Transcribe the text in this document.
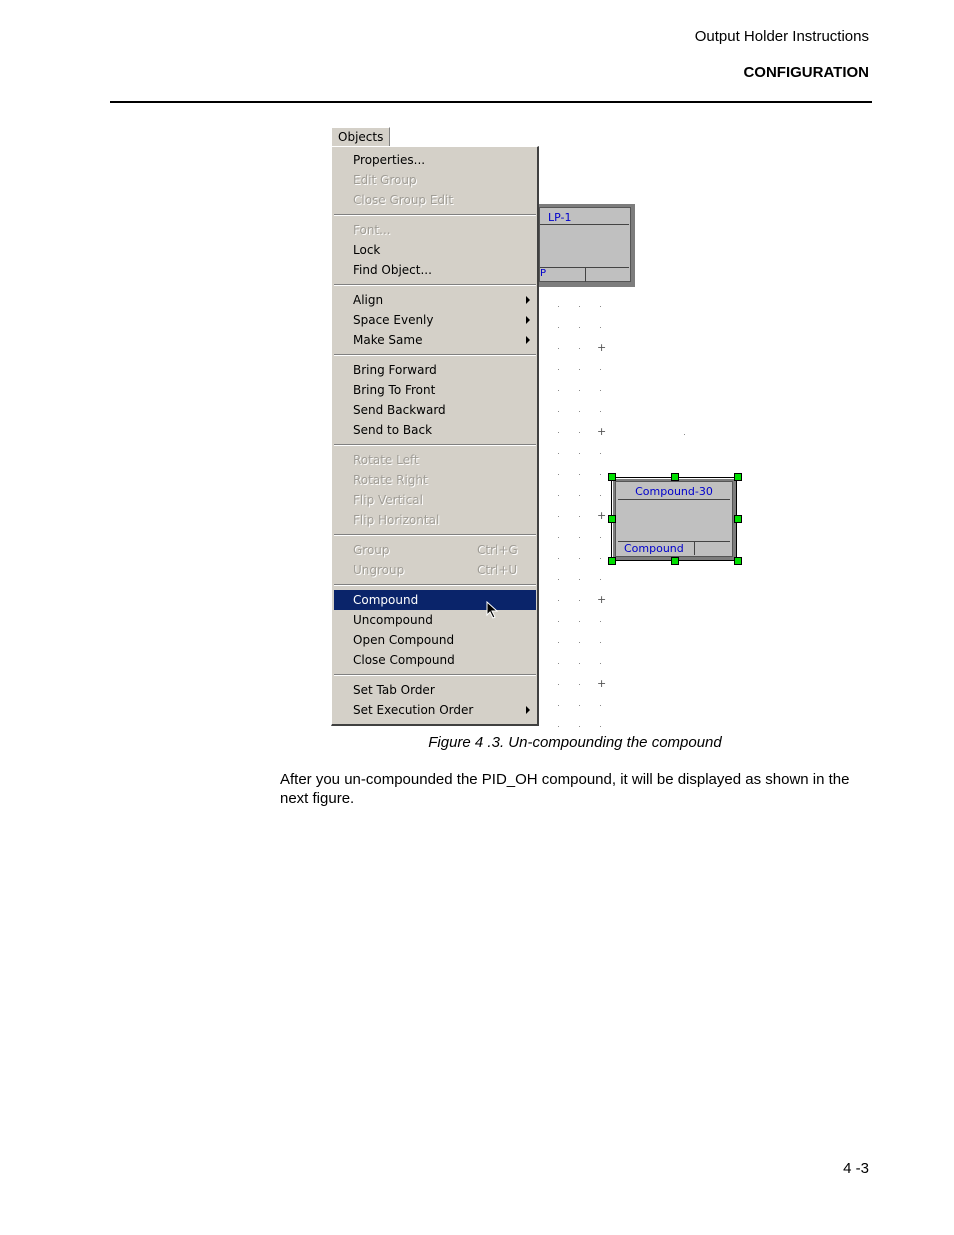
Output Holder Instructions
CONFIGURATION
+
+
+
+
+
LP-1
P
Compound-30
Compound
Objects
Properties...
Edit Group
Close Group Edit
Font...
Lock
Find Object...
Align
Space Evenly
Make Same
Bring Forward
Bring To Front
Send Backward
Send to Back
Rotate Left
Rotate Right
Flip Vertical
Flip Horizontal
Group	Ctrl+G
Ungroup	Ctrl+U
Compound
Uncompound
Open Compound
Close Compound
Set Tab Order
Set Execution Order
Figure 4 .3. Un-compounding the compound
After you un-compounded the PID_OH compound, it will be displayed as shown in the next figure.
4 -3
